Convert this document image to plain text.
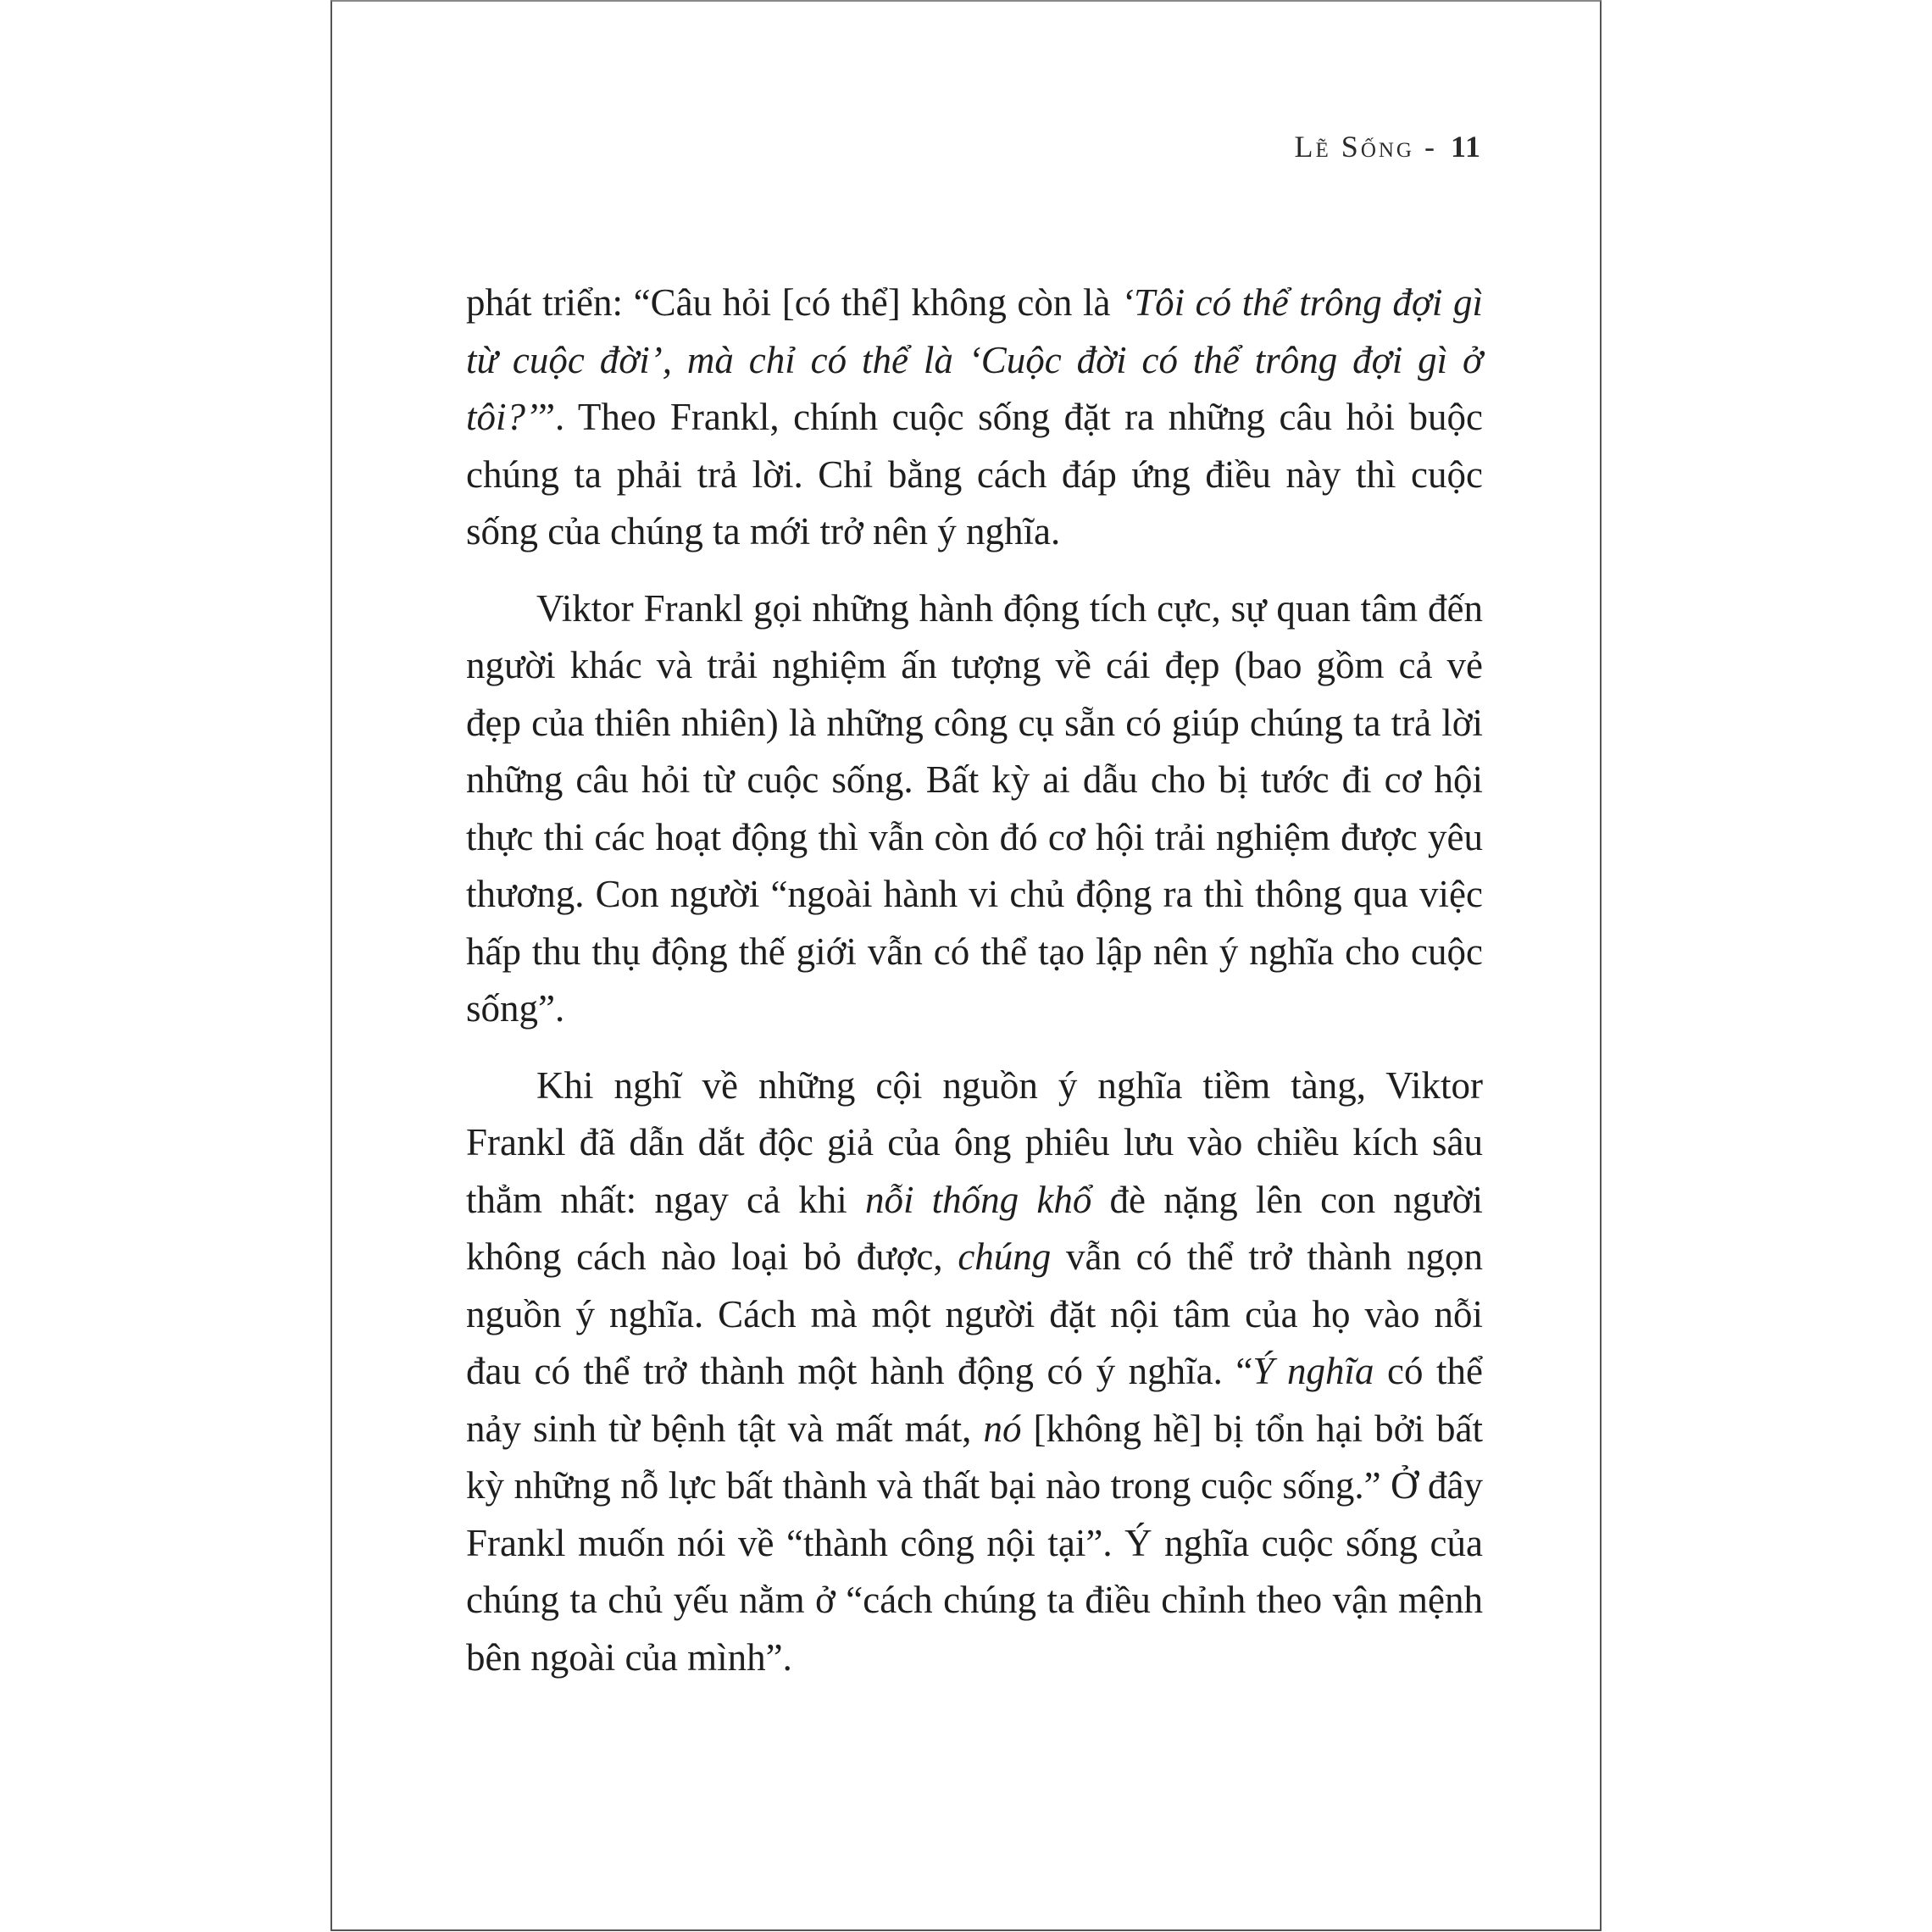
Lẽ Sống - 11

phát triển: “Câu hỏi [có thể] không còn là ‘Tôi có thể trông đợi gì từ cuộc đời’, mà chỉ có thể là ‘Cuộc đời có thể trông đợi gì ở tôi?’”. Theo Frankl, chính cuộc sống đặt ra những câu hỏi buộc chúng ta phải trả lời. Chỉ bằng cách đáp ứng điều này thì cuộc sống của chúng ta mới trở nên ý nghĩa.

Viktor Frankl gọi những hành động tích cực, sự quan tâm đến người khác và trải nghiệm ấn tượng về cái đẹp (bao gồm cả vẻ đẹp của thiên nhiên) là những công cụ sẵn có giúp chúng ta trả lời những câu hỏi từ cuộc sống. Bất kỳ ai dẫu cho bị tước đi cơ hội thực thi các hoạt động thì vẫn còn đó cơ hội trải nghiệm được yêu thương. Con người “ngoài hành vi chủ động ra thì thông qua việc hấp thu thụ động thế giới vẫn có thể tạo lập nên ý nghĩa cho cuộc sống”.

Khi nghĩ về những cội nguồn ý nghĩa tiềm tàng, Viktor Frankl đã dẫn dắt độc giả của ông phiêu lưu vào chiều kích sâu thẳm nhất: ngay cả khi nỗi thống khổ đè nặng lên con người không cách nào loại bỏ được, chúng vẫn có thể trở thành ngọn nguồn ý nghĩa. Cách mà một người đặt nội tâm của họ vào nỗi đau có thể trở thành một hành động có ý nghĩa. “Ý nghĩa có thể nảy sinh từ bệnh tật và mất mát, nó [không hề] bị tổn hại bởi bất kỳ những nỗ lực bất thành và thất bại nào trong cuộc sống.” Ở đây Frankl muốn nói về “thành công nội tại”. Ý nghĩa cuộc sống của chúng ta chủ yếu nằm ở “cách chúng ta điều chỉnh theo vận mệnh bên ngoài của mình”.
